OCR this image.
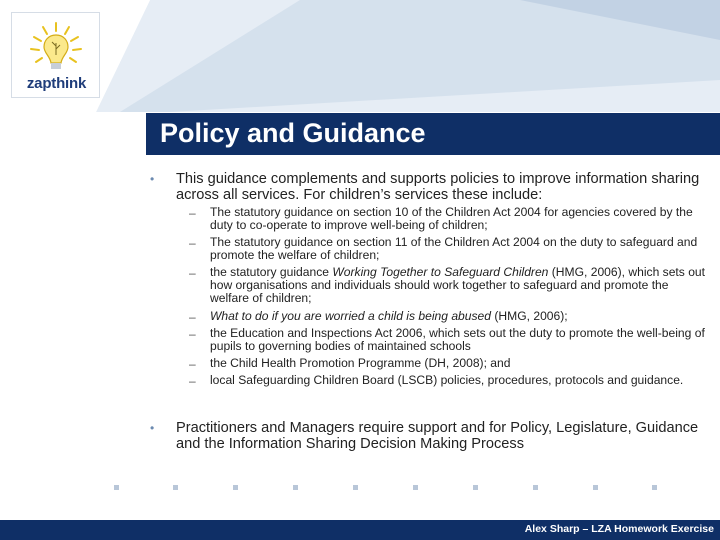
zapthink
Policy and Guidance
• This guidance complements and supports policies to improve information sharing across all services. For children’s services these include:
– The statutory guidance on section 10 of the Children Act 2004 for agencies covered by the duty to co-operate to improve well-being of children;
– The statutory guidance on section 11 of the Children Act 2004 on the duty to safeguard and promote the welfare of children;
– the statutory guidance Working Together to Safeguard Children (HMG, 2006), which sets out how organisations and individuals should work together to safeguard and promote the welfare of children;
– What to do if you are worried a child is being abused (HMG, 2006);
– the Education and Inspections Act 2006, which sets out the duty to promote the well-being of pupils to governing bodies of maintained schools
– the Child Health Promotion Programme (DH, 2008); and
– local Safeguarding Children Board (LSCB) policies, procedures, protocols and guidance.
• Practitioners and Managers require support and for Policy, Legislature, Guidance and the Information Sharing Decision Making Process
Alex Sharp – LZA Homework Exercise
